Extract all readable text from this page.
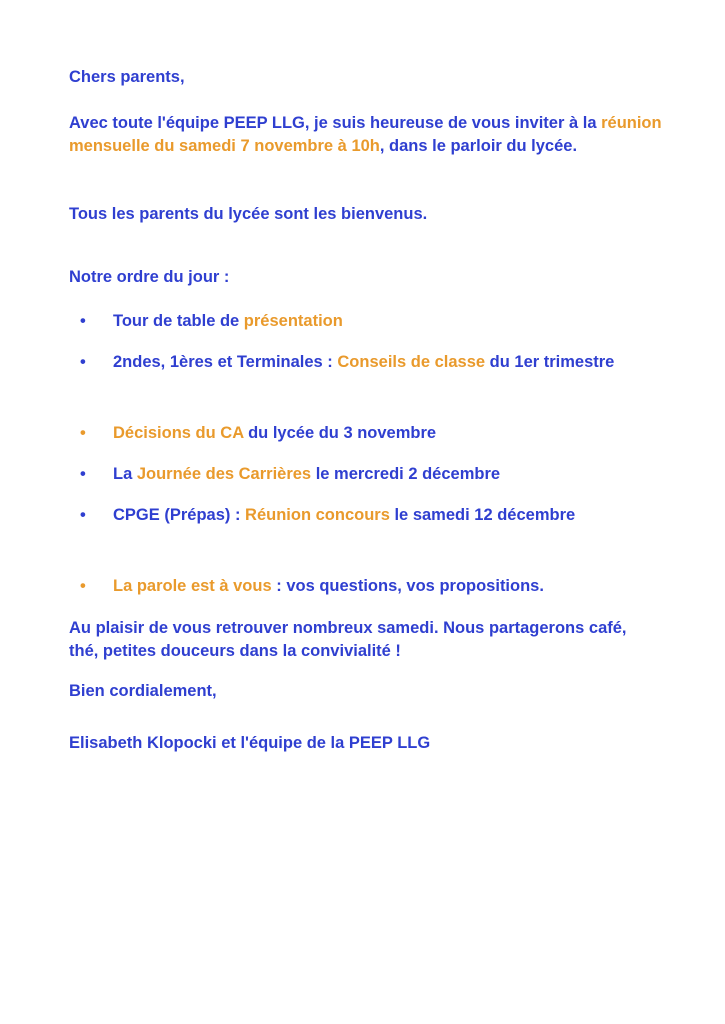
Chers parents,

Avec toute l'équipe PEEP LLG, je suis heureuse de vous inviter à la réunion mensuelle du samedi 7 novembre à 10h, dans le parloir du lycée.

Tous les parents du lycée sont les bienvenus.

Notre ordre du jour :

•	Tour de table de présentation
•	2ndes, 1ères et Terminales : Conseils de classe du 1er trimestre
•	Décisions du CA du lycée du 3 novembre
•	La Journée des Carrières le mercredi 2 décembre
•	CPGE (Prépas) : Réunion concours le samedi 12 décembre
•	La parole est à vous : vos questions, vos propositions.

Au plaisir de vous retrouver nombreux samedi. Nous partagerons café, thé, petites douceurs dans la convivialité !

Bien cordialement,

Elisabeth Klopocki et l'équipe de la PEEP LLG
